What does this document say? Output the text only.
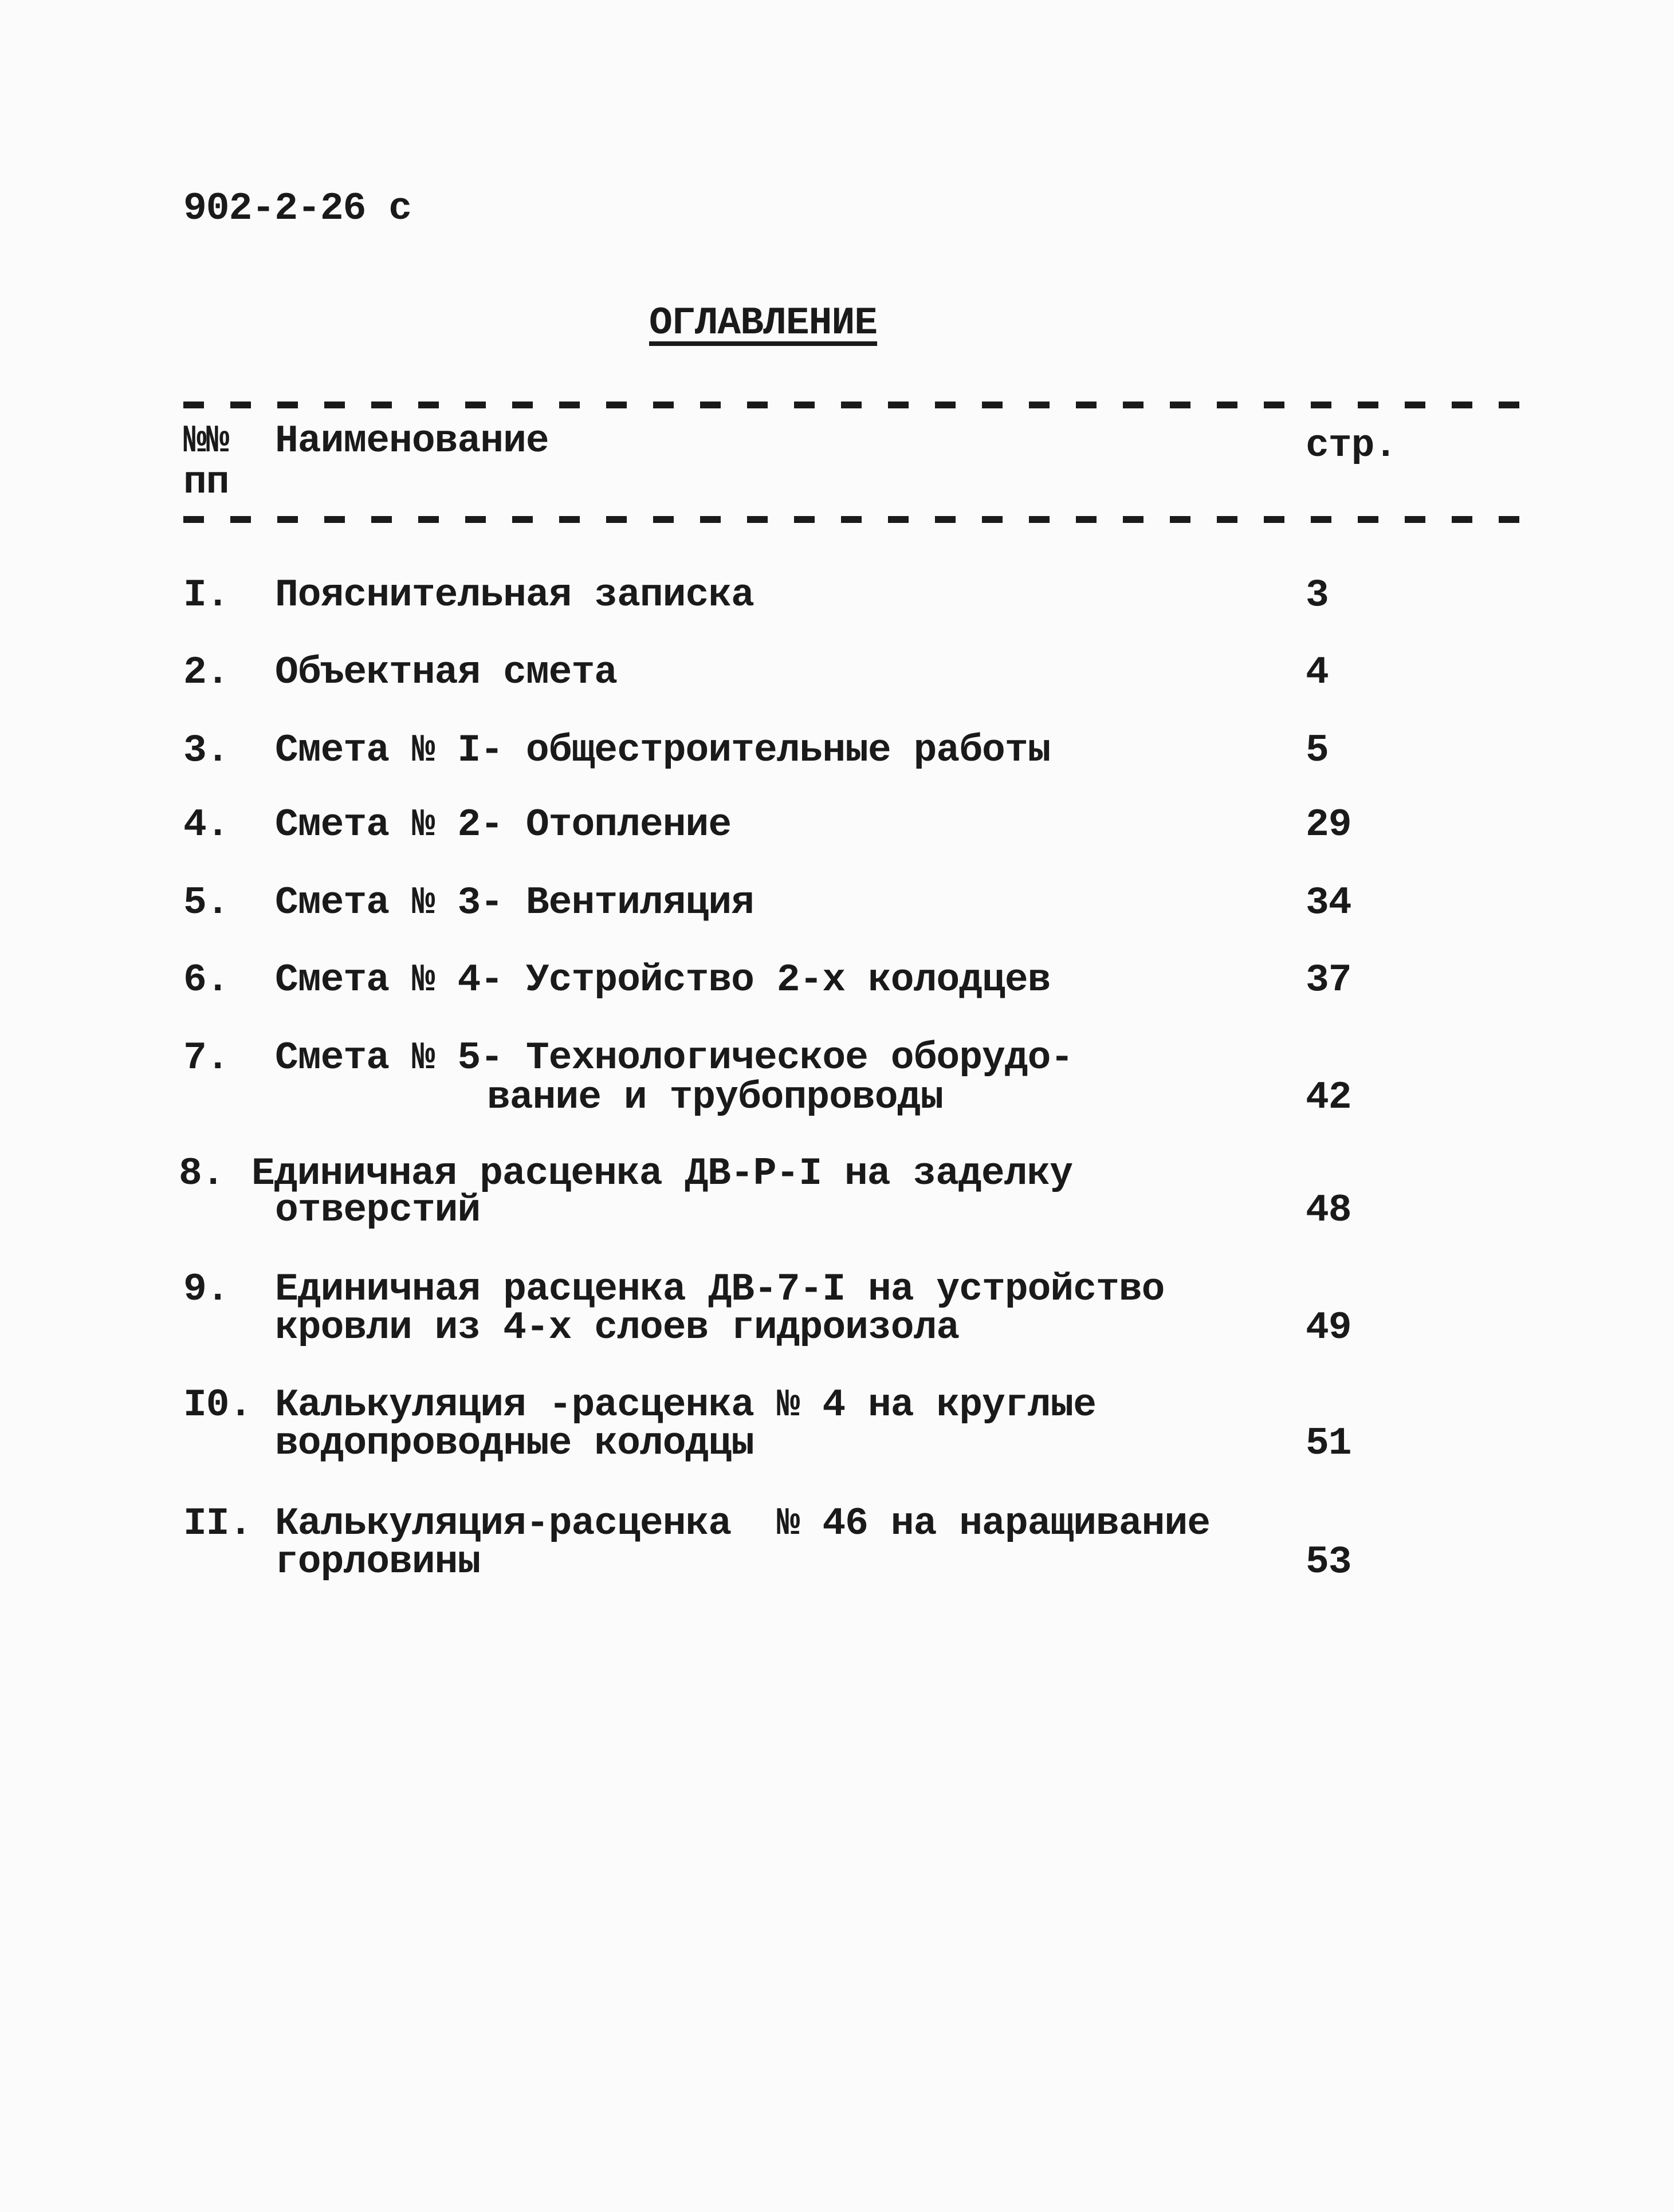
902-2-26 с
ОГЛАВЛЕНИЕ
№№
пп
Наименование	стр.
I. Пояснительная записка	3
2. Объектная смета	4
3. Смета № I- общестроительные работы	5
4. Смета № 2- Отопление	29
5. Смета № 3- Вентиляция	34
6. Смета № 4- Устройство 2-х колодцев	37
7. Смета № 5- Технологическое оборудо-
вание и трубопроводы	42
8. Единичная расценка ДВ-Р-I на заделку
отверстий	48
9. Единичная расценка ДВ-7-I на устройство
кровли из 4-х слоев гидроизола	49
I0. Калькуляция -расценка № 4 на круглые
водопроводные колодцы	51
II. Калькуляция-расценка  № 46 на наращивание
горловины	53
